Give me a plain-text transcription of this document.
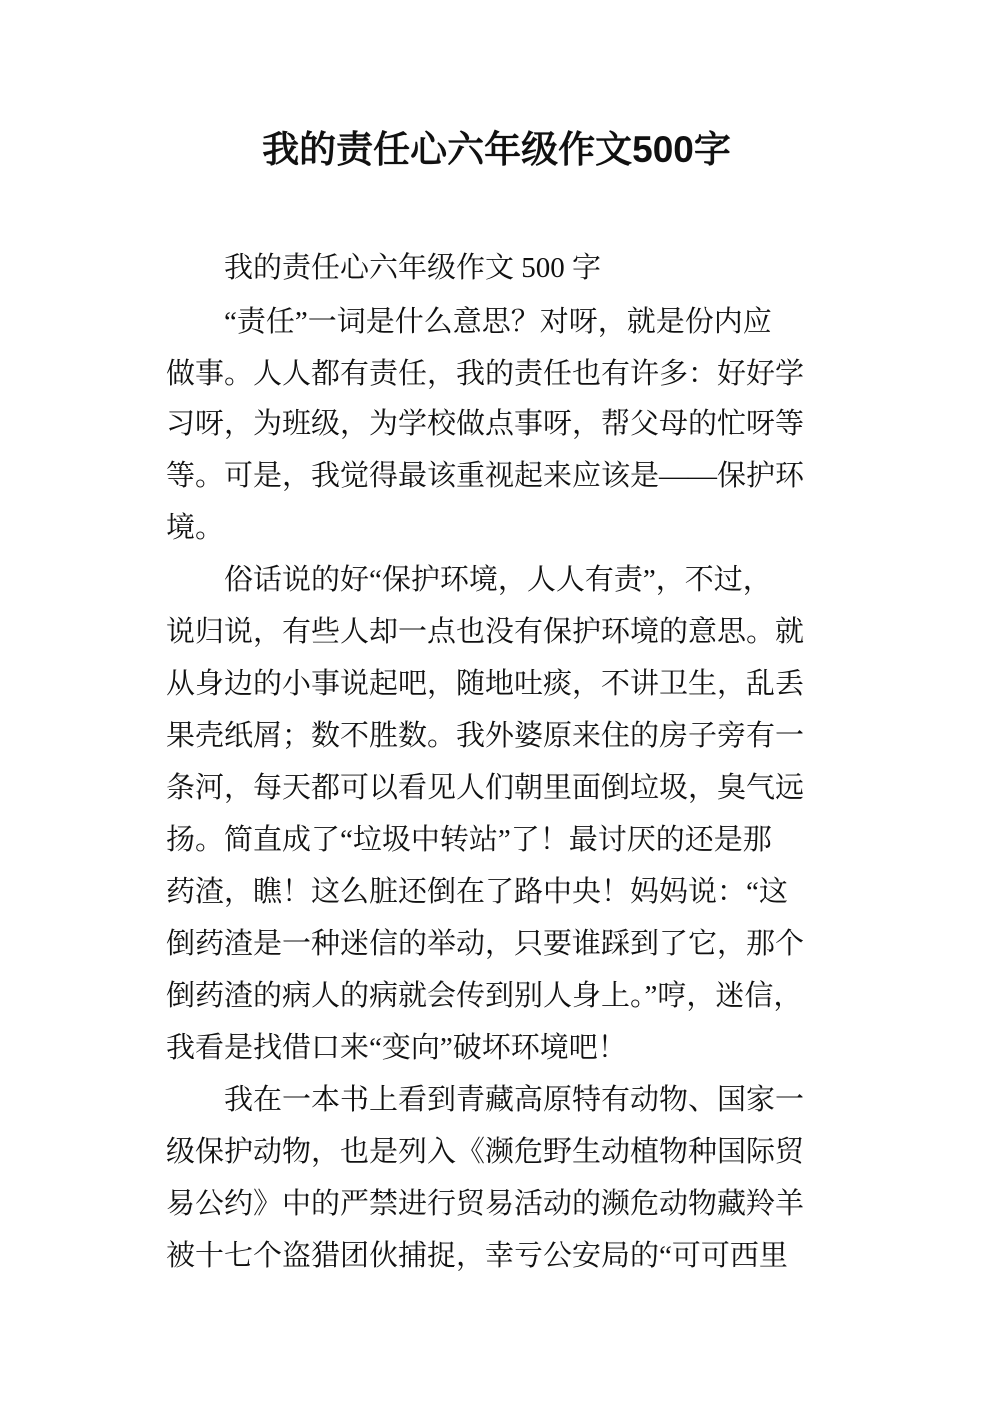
我的责任心六年级作文500字
我的责任心六年级作文 500 字
“责任”一词是什么意思？对呀，就是份内应
做事。人人都有责任，我的责任也有许多：好好学
习呀，为班级，为学校做点事呀，帮父母的忙呀等
等。可是，我觉得最该重视起来应该是——保护环
境。
俗话说的好“保护环境，人人有责”，不过，
说归说，有些人却一点也没有保护环境的意思。就
从身边的小事说起吧，随地吐痰，不讲卫生，乱丢
果壳纸屑；数不胜数。我外婆原来住的房子旁有一
条河，每天都可以看见人们朝里面倒垃圾，臭气远
扬。简直成了“垃圾中转站”了！最讨厌的还是那
药渣，瞧！这么脏还倒在了路中央！妈妈说：“这
倒药渣是一种迷信的举动，只要谁踩到了它，那个
倒药渣的病人的病就会传到别人身上。”哼，迷信，
我看是找借口来“变向”破坏环境吧！
我在一本书上看到青藏高原特有动物、国家一
级保护动物，也是列入《濒危野生动植物种国际贸
易公约》中的严禁进行贸易活动的濒危动物藏羚羊
被十七个盗猎团伙捕捉，幸亏公安局的“可可西里
